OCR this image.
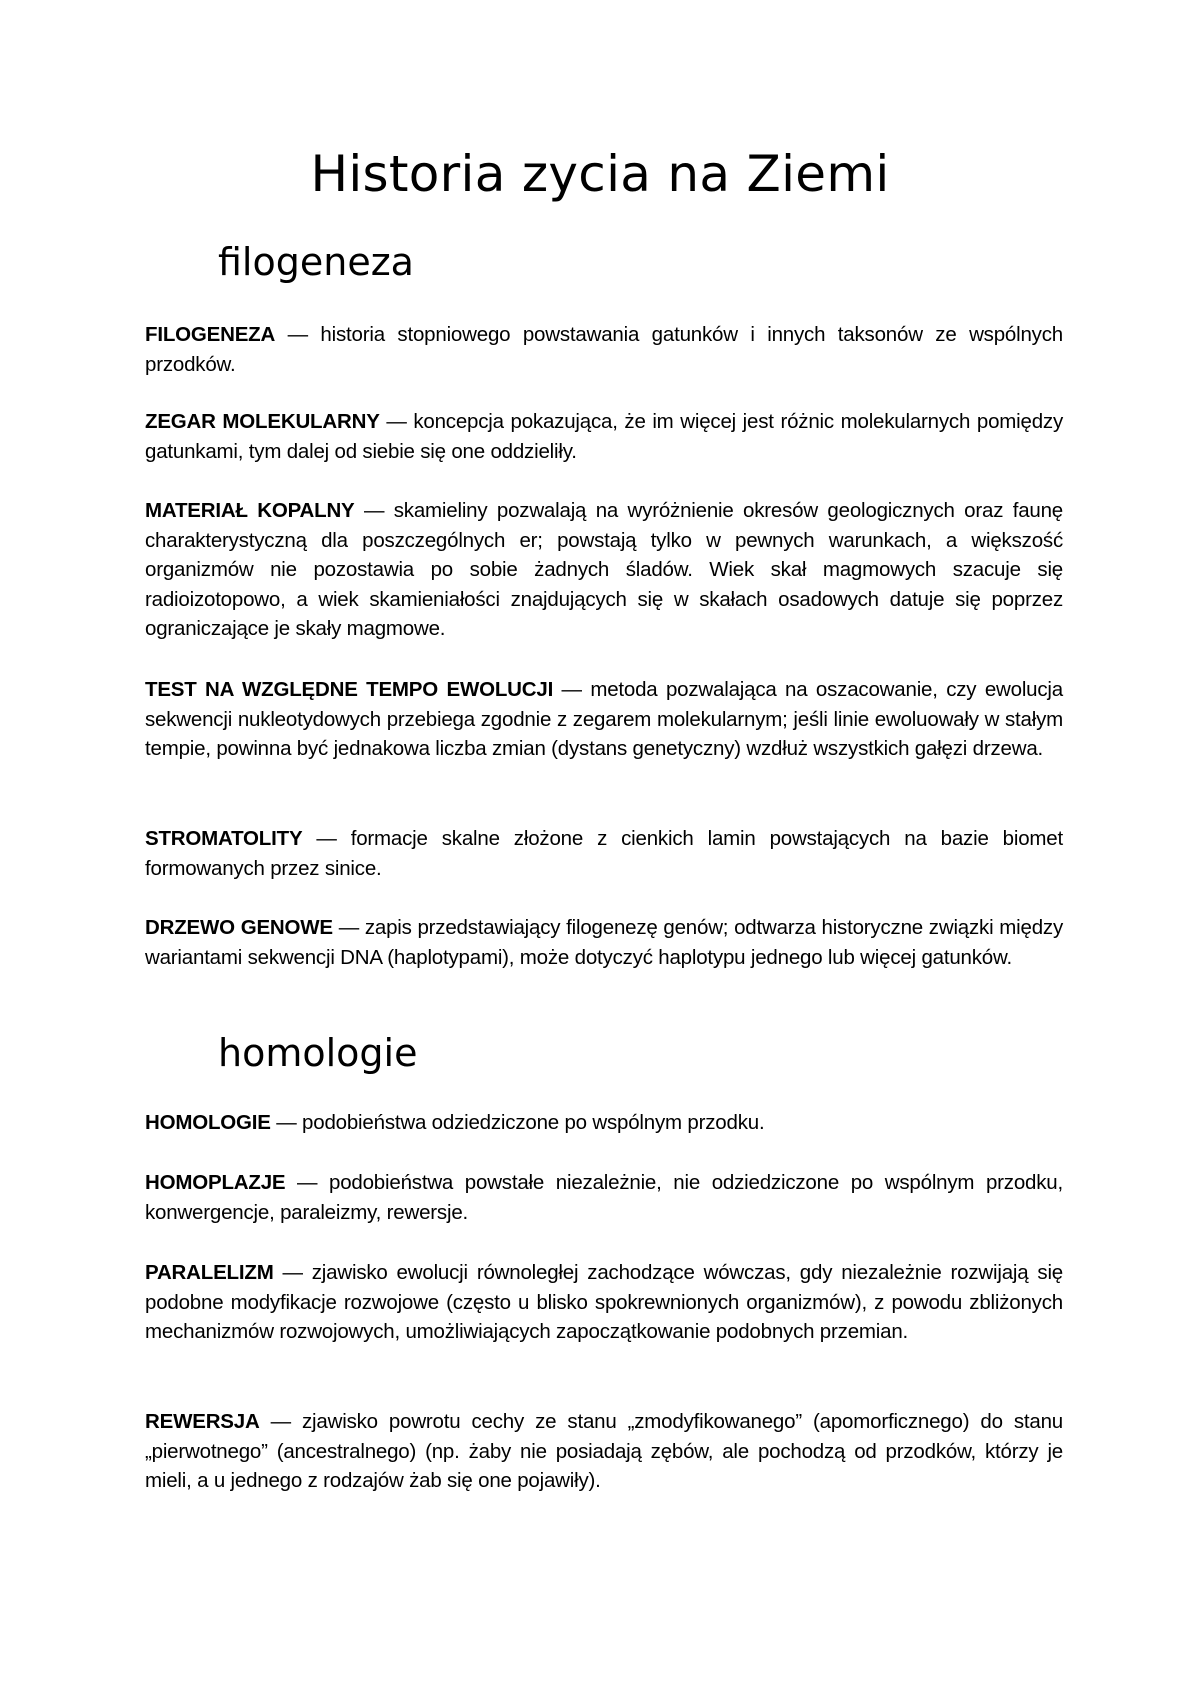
Historia zycia na Ziemi
filogeneza

FILOGENEZA — historia stopniowego powstawania gatunków i innych taksonów ze wspólnych przodków.

ZEGAR MOLEKULARNY — koncepcja pokazująca, że im więcej jest różnic molekularnych pomiędzy gatunkami, tym dalej od siebie się one oddzieliły.

MATERIAŁ KOPALNY — skamieliny pozwalają na wyróżnienie okresów geologicznych oraz faunę charakterystyczną dla poszczególnych er; powstają tylko w pewnych warunkach, a większość organizmów nie pozostawia po sobie żadnych śladów. Wiek skał magmowych szacuje się radioizotopowo, a wiek skamieniałości znajdujących się w skałach osadowych datuje się poprzez ograniczające je skały magmowe.

TEST NA WZGLĘDNE TEMPO EWOLUCJI — metoda pozwalająca na oszacowanie, czy ewolucja sekwencji nukleotydowych przebiega zgodnie z zegarem molekularnym; jeśli linie ewoluowały w stałym tempie, powinna być jednakowa liczba zmian (dystans genetyczny) wzdłuż wszystkich gałęzi drzewa.

STROMATOLITY — formacje skalne złożone z cienkich lamin powstających na bazie biomet formowanych przez sinice.

DRZEWO GENOWE — zapis przedstawiający filogenezę genów; odtwarza historyczne związki między wariantami sekwencji DNA (haplotypami), może dotyczyć haplotypu jednego lub więcej gatunków.

homologie

HOMOLOGIE — podobieństwa odziedziczone po wspólnym przodku.

HOMOPLAZJE — podobieństwa powstałe niezależnie, nie odziedziczone po wspólnym przodku, konwergencje, paraleizmy, rewersje.

PARALELIZM — zjawisko ewolucji równoległej zachodzące wówczas, gdy niezależnie rozwijają się podobne modyfikacje rozwojowe (często u blisko spokrewnionych organizmów), z powodu zbliżonych mechanizmów rozwojowych, umożliwiających zapoczątkowanie podobnych przemian.

REWERSJA — zjawisko powrotu cechy ze stanu „zmodyfikowanego” (apomorficznego) do stanu „pierwotnego” (ancestralnego) (np. żaby nie posiadają zębów, ale pochodzą od przodków, którzy je mieli, a u jednego z rodzajów żab się one pojawiły).
